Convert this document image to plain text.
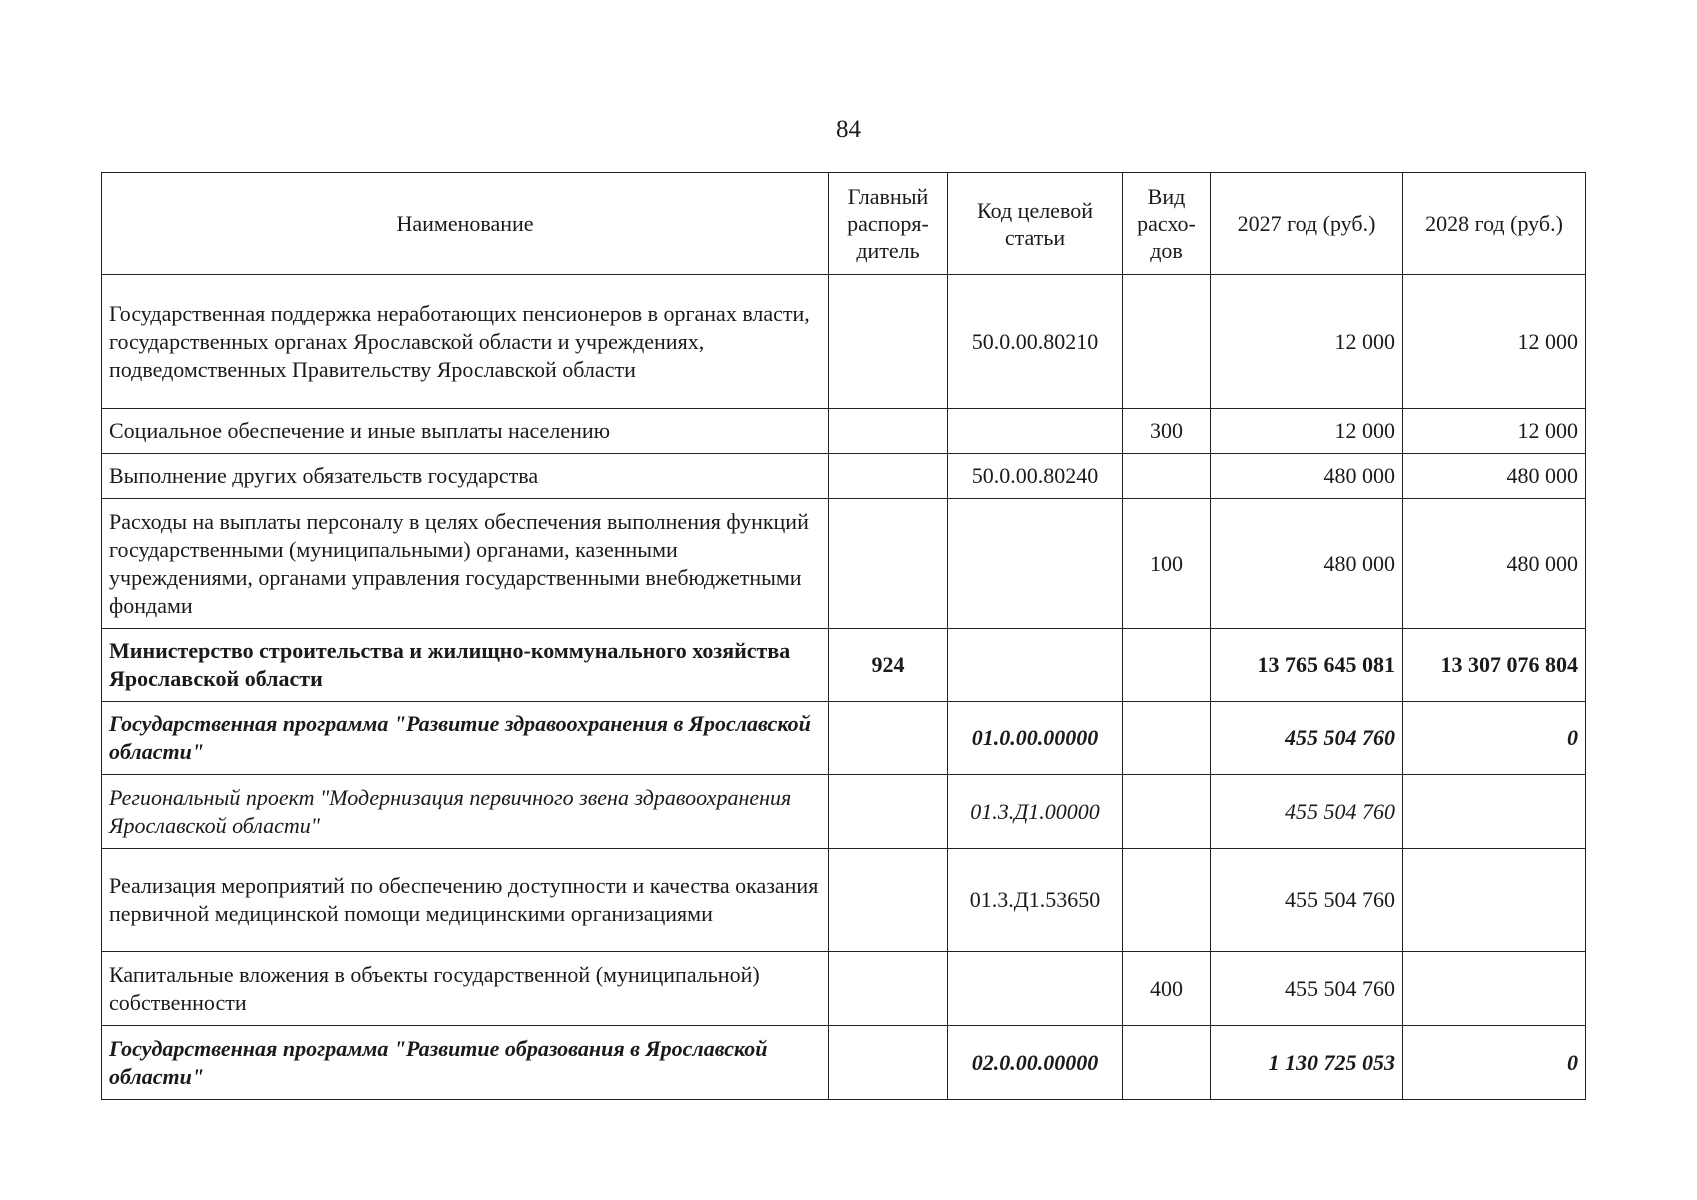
84
Наименование	Главный распоря-дитель	Код целевой статьи	Вид расхо-дов	2027 год (руб.)	2028 год (руб.)
Государственная поддержка неработающих пенсионеров в органах власти, государственных органах Ярославской области и учреждениях, подведомственных Правительству Ярославской области		50.0.00.80210		12 000	12 000
Социальное обеспечение и иные выплаты населению			300	12 000	12 000
Выполнение других обязательств государства		50.0.00.80240		480 000	480 000
Расходы на выплаты персоналу в целях обеспечения выполнения функций государственными (муниципальными) органами, казенными учреждениями, органами управления государственными внебюджетными фондами			100	480 000	480 000
Министерство строительства и жилищно-коммунального хозяйства Ярославской области	924			13 765 645 081	13 307 076 804
Государственная программа "Развитие здравоохранения в Ярославской области"		01.0.00.00000		455 504 760	0
Региональный проект "Модернизация первичного звена здравоохранения Ярославской области"		01.3.Д1.00000		455 504 760	
Реализация мероприятий по обеспечению доступности и качества оказания первичной медицинской помощи медицинскими организациями		01.3.Д1.53650		455 504 760	
Капитальные вложения в объекты государственной (муниципальной) собственности			400	455 504 760	
Государственная программа "Развитие образования в Ярославской области"		02.0.00.00000		1 130 725 053	0
